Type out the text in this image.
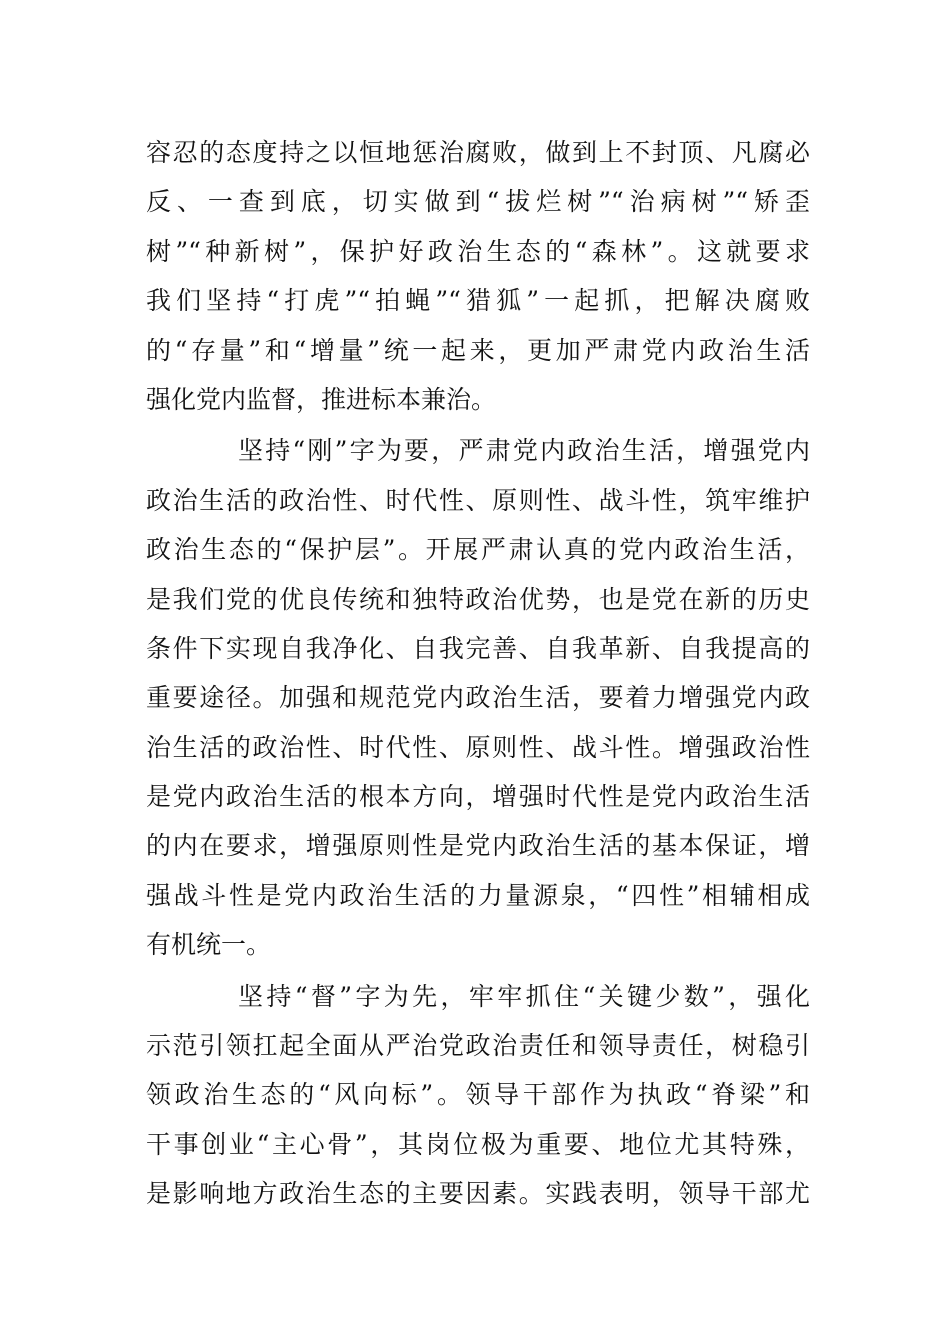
容忍的态度持之以恒地惩治腐败，做到上不封顶、凡腐必
反、一查到底，切实做到“拔烂树”“治病树”“矫歪
树”“种新树”，保护好政治生态的“森林”。这就要求
我们坚持“打虎”“拍蝇”“猎狐”一起抓，把解决腐败
的“存量”和“增量”统一起来，更加严肃党内政治生活
强化党内监督，推进标本兼治。
坚持“刚”字为要，严肃党内政治生活，增强党内
政治生活的政治性、时代性、原则性、战斗性，筑牢维护
政治生态的“保护层”。开展严肃认真的党内政治生活，
是我们党的优良传统和独特政治优势，也是党在新的历史
条件下实现自我净化、自我完善、自我革新、自我提高的
重要途径。加强和规范党内政治生活，要着力增强党内政
治生活的政治性、时代性、原则性、战斗性。增强政治性
是党内政治生活的根本方向，增强时代性是党内政治生活
的内在要求，增强原则性是党内政治生活的基本保证，增
强战斗性是党内政治生活的力量源泉，“四性”相辅相成
有机统一。
坚持“督”字为先，牢牢抓住“关键少数”，强化
示范引领扛起全面从严治党政治责任和领导责任，树稳引
领政治生态的“风向标”。领导干部作为执政“脊梁”和
干事创业“主心骨”，其岗位极为重要、地位尤其特殊，
是影响地方政治生态的主要因素。实践表明，领导干部尤
